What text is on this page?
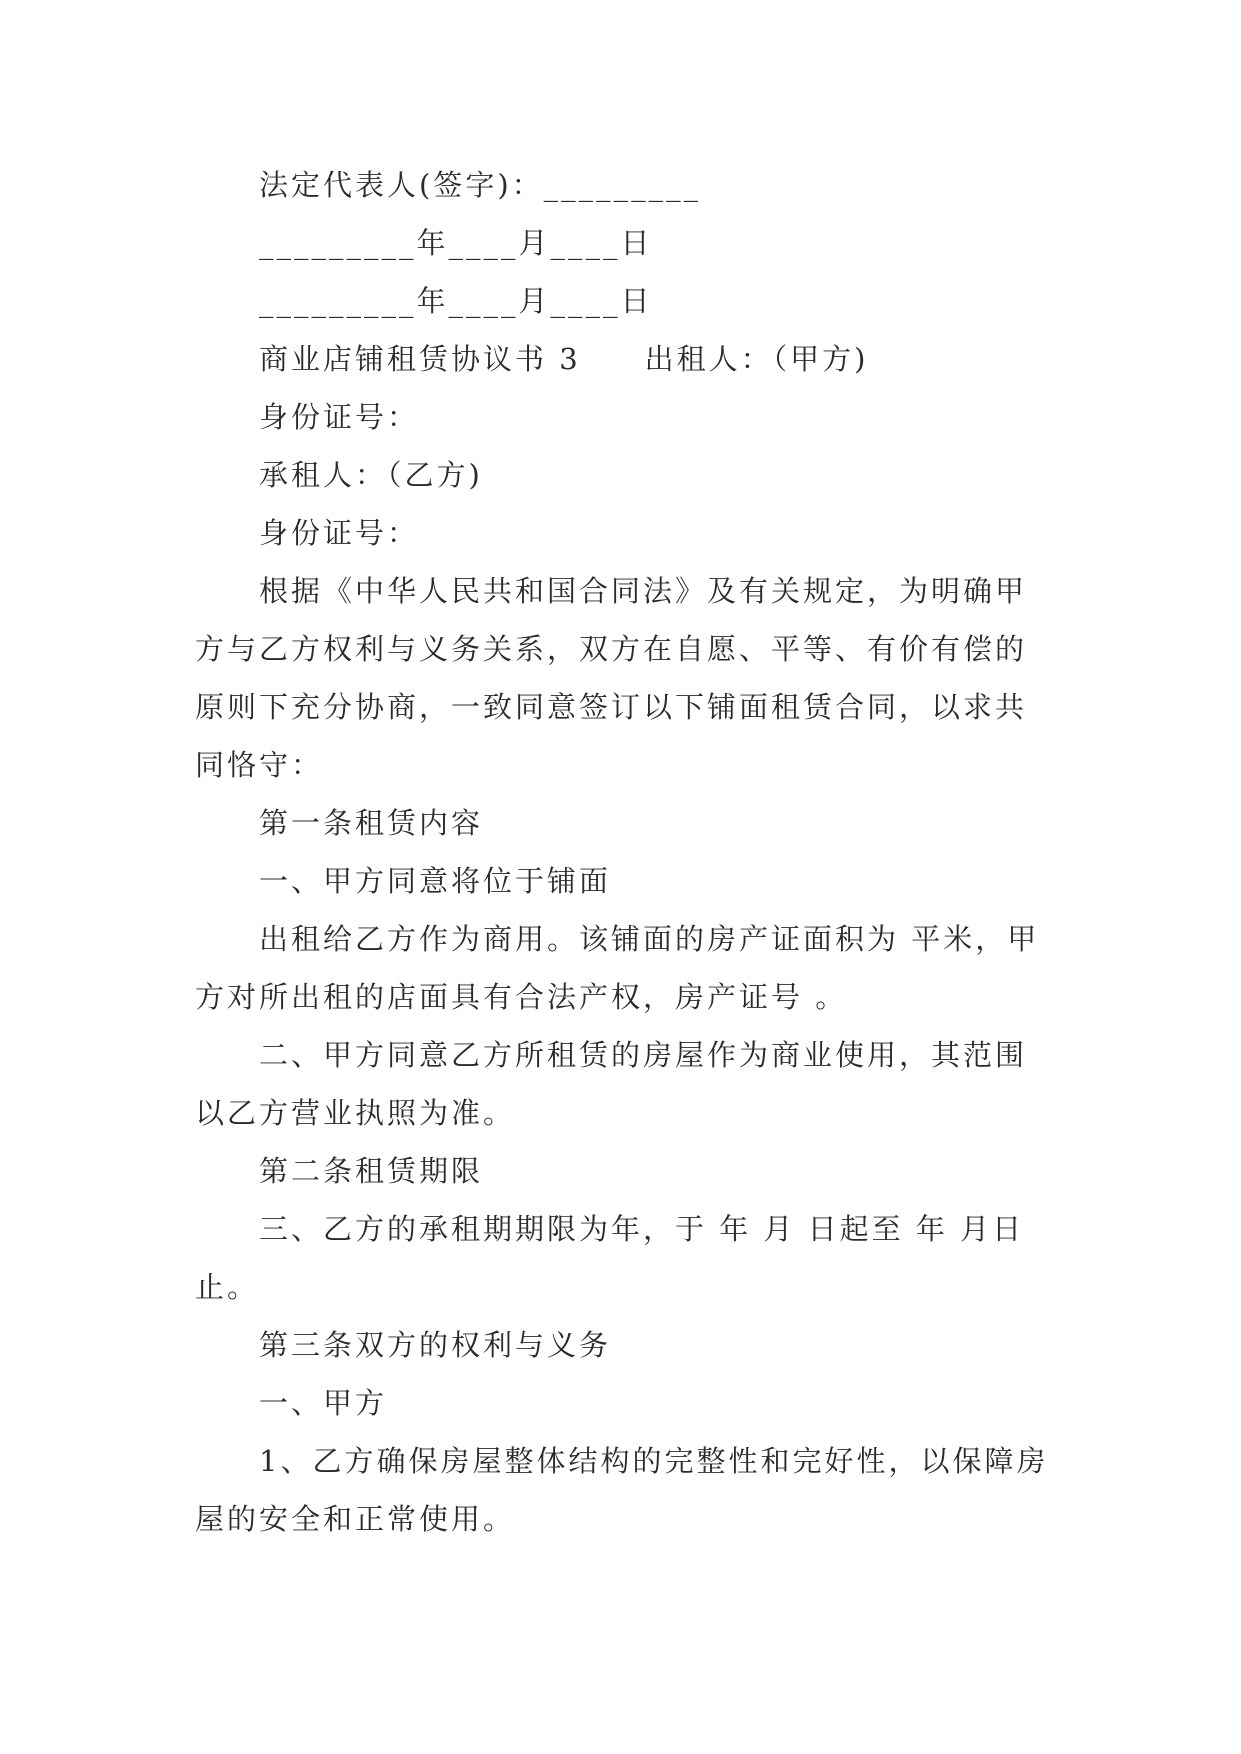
法定代表人(签字)：_________

_________年____月____日

_________年____月____日

商业店铺租赁协议书 3　　出租人：（甲方)

身份证号：

承租人：（乙方)

身份证号：

根据《中华人民共和国合同法》及有关规定，为明确甲方与乙方权利与义务关系，双方在自愿、平等、有价有偿的原则下充分协商，一致同意签订以下铺面租赁合同，以求共同恪守：

第一条租赁内容

一、甲方同意将位于铺面

出租给乙方作为商用。该铺面的房产证面积为 平米，甲方对所出租的店面具有合法产权，房产证号 。

二、甲方同意乙方所租赁的房屋作为商业使用，其范围以乙方营业执照为准。

第二条租赁期限

三、乙方的承租期期限为年，于 年 月 日起至 年 月日止。

第三条双方的权利与义务

一、甲方

1、乙方确保房屋整体结构的完整性和完好性，以保障房屋的安全和正常使用。
